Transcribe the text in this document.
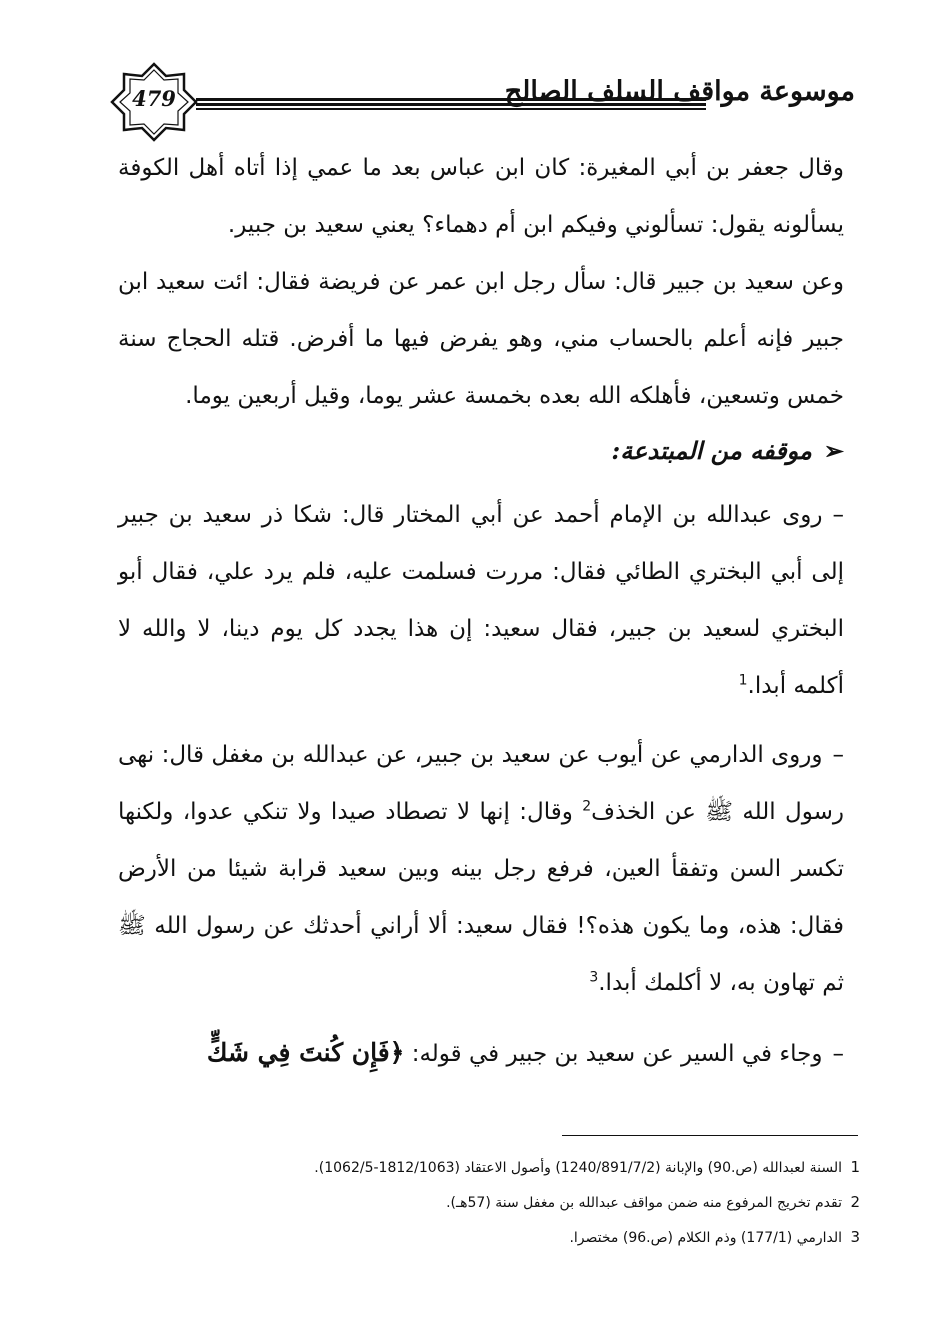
479	موسوعة مواقف السلف الصالح

وقال جعفر بن أبي المغيرة: كان ابن عباس بعد ما عمي إذا أتاه أهل الكوفة يسألونه يقول: تسألوني وفيكم ابن أم دهماء؟ يعني سعيد بن جبير.

وعن سعيد بن جبير قال: سأل رجل ابن عمر عن فريضة فقال: ائت سعيد ابن جبير فإنه أعلم بالحساب مني، وهو يفرض فيها ما أفرض. قتله الحجاج سنة خمس وتسعين، فأهلكه الله بعده بخمسة عشر يوما، وقيل أربعين يوما.

➢موقفه من المبتدعة:

–روى عبدالله بن الإمام أحمد عن أبي المختار قال: شكا ذر سعيد بن جبير إلى أبي البختري الطائي فقال: مررت فسلمت عليه، فلم يرد علي، فقال أبو البختري لسعيد بن جبير، فقال سعيد: إن هذا يجدد كل يوم دينا، لا والله لا أكلمه أبدا.$^1$

–وروى الدارمي عن أيوب عن سعيد بن جبير، عن عبدالله بن مغفل قال: نهى رسول الله ﷺ عن الخذف$^2$ وقال: إنها لا تصطاد صيدا ولا تنكي عدوا، ولكنها تكسر السن وتفقأ العين، فرفع رجل بينه وبين سعيد قرابة شيئا من الأرض فقال: هذه، وما يكون هذه؟! فقال سعيد: ألا أراني أحدثك عن رسول الله ﷺ ثم تهاون به، لا أكلمك أبدا.$^3$

–وجاء في السير عن سعيد بن جبير في قوله: ﴿فَإِن كُنتَ فِي شَكٍّ

1 السنة لعبدالله (ص.90) والإبانة (1240/891/7/2) وأصول الاعتقاد (1812/1063-1062/5).

2 تقدم تخريج المرفوع منه ضمن مواقف عبدالله بن مغفل سنة (57هـ).

3 الدارمي (177/1) وذم الكلام (ص.96) مختصرا.
